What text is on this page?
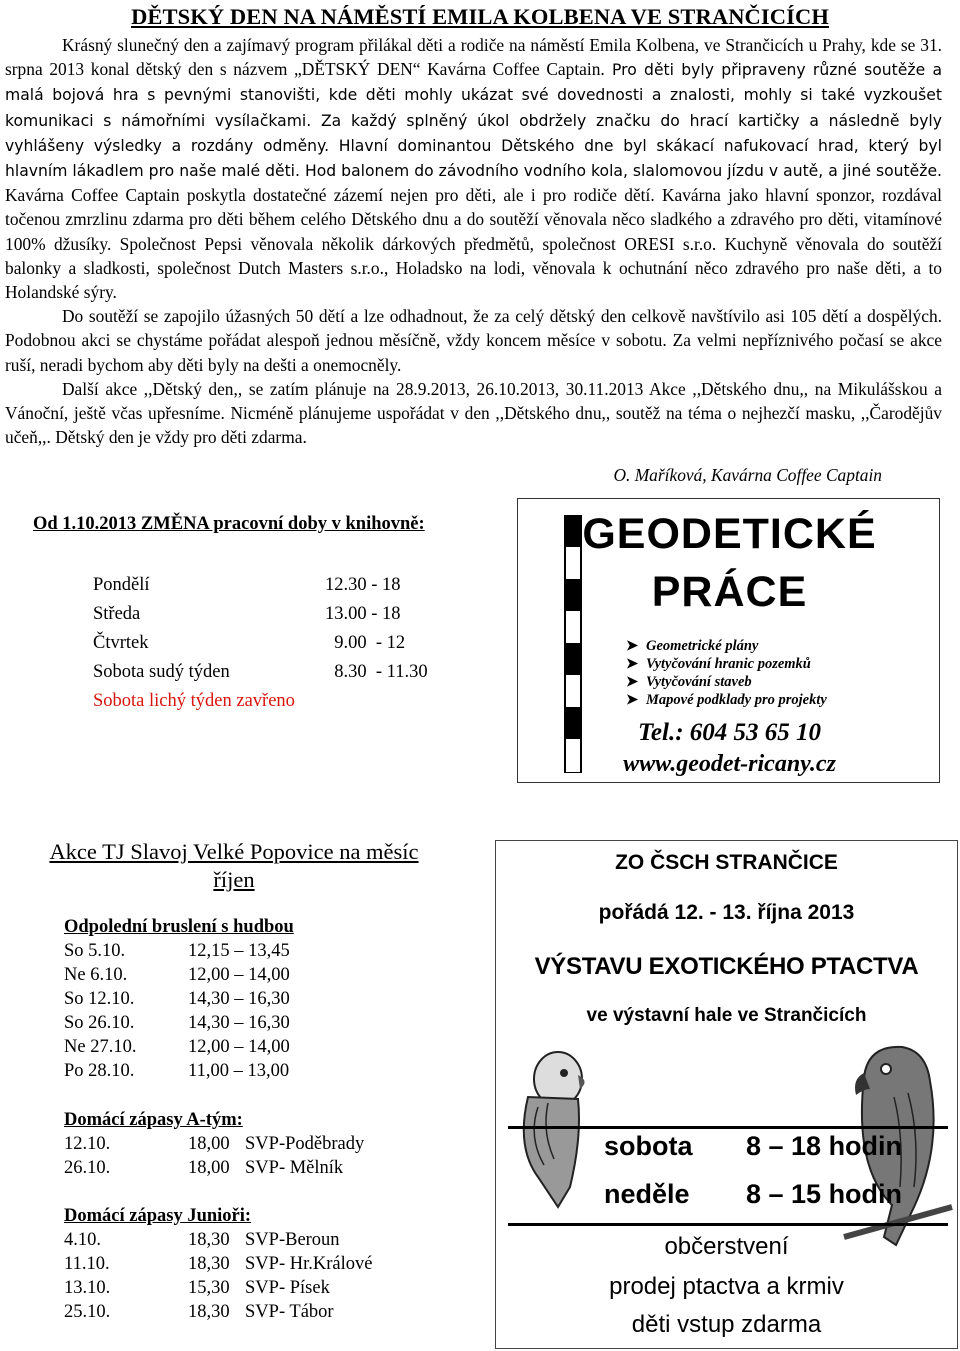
DĚTSKÝ DEN NA NÁMĚSTÍ EMILA KOLBENA VE STRANČICÍCH

Krásný slunečný den a zajímavý program přilákal děti a rodiče na náměstí Emila Kolbena, ve Strančicích u Prahy, kde se 31. srpna 2013 konal dětský den s názvem „DĚTSKÝ DEN“ Kavárna Coffee Captain. Pro děti byly připraveny různé soutěže a malá bojová hra s pevnými stanovišti, kde děti mohly ukázat své dovednosti a znalosti, mohly si také vyzkoušet komunikaci s námořními vysílačkami. Za každý splněný úkol obdržely značku do hrací kartičky a následně byly vyhlášeny výsledky a rozdány odměny. Hlavní dominantou Dětského dne byl skákací nafukovací hrad, který byl hlavním lákadlem pro naše malé děti. Hod balonem do závodního vodního kola, slalomovou jízdu v autě, a jiné soutěže. Kavárna Coffee Captain poskytla dostatečné zázemí nejen pro děti, ale i pro rodiče dětí. Kavárna jako hlavní sponzor, rozdával točenou zmrzlinu zdarma pro děti během celého Dětského dnu a do soutěží věnovala něco sladkého a zdravého pro děti, vitamínové 100% džusíky. Společnost Pepsi věnovala několik dárkových předmětů, společnost ORESI s.r.o. Kuchyně věnovala do soutěží balonky a sladkosti, společnost Dutch Masters s.r.o., Holadsko na lodi, věnovala k ochutnání něco zdravého pro naše děti, a to Holandské sýry.

Do soutěží se zapojilo úžasných 50 dětí a lze odhadnout, že za celý dětský den celkově navštívilo asi 105 dětí a dospělých. Podobnou akci se chystáme pořádat alespoň jednou měsíčně, vždy koncem měsíce v sobotu. Za velmi nepříznivého počasí se akce ruší, neradi bychom aby děti byly na dešti a onemocněly.

Další akce ,,Dětský den,, se zatím plánuje na 28.9.2013, 26.10.2013, 30.11.2013 Akce ,,Dětského dnu,, na Mikulášskou a Vánoční, ještě včas upřesníme. Nicméně plánujeme uspořádat v den ,,Dětského dnu,, soutěž na téma o nejhezčí masku, ,,Čarodějův učeň,,. Dětský den je vždy pro děti zdarma.

O. Maříková, Kavárna Coffee Captain
Od 1.10.2013 ZMĚNA pracovní doby v knihovně:
Pondělí	12.30 - 18
Středa	13.00 - 18
Čtvrtek	9.00  - 12
Sobota sudý týden	8.30  - 11.30
Sobota lichý týden zavřeno
GEODETICKÉ
PRÁCE
➤ Geometrické plány
➤ Vytyčování hranic pozemků
➤ Vytyčování staveb
➤ Mapové podklady pro projekty
Tel.: 604 53 65 10
www.geodet-ricany.cz
Akce TJ Slavoj Velké Popovice na měsíc
říjen
Odpolední bruslení s hudbou
So 5.10.	12,15 – 13,45
Ne 6.10.	12,00 – 14,00
So 12.10.	14,30 – 16,30
So 26.10.	14,30 – 16,30
Ne 27.10.	12,00 – 14,00
Po 28.10.	11,00 – 13,00
Domácí zápasy A-tým:
12.10.	18,00 SVP-Poděbrady
26.10.	18,00 SVP- Mělník
Domácí zápasy Junioři:
4.10.	18,30 SVP-Beroun
11.10.	18,30 SVP- Hr.Králové
13.10.	15,30 SVP- Písek
25.10.	18,30 SVP- Tábor
ZO ČSCH STRANČICE
pořádá 12. - 13. října 2013
VÝSTAVU EXOTICKÉHO PTACTVA
ve výstavní hale ve Strančicích
sobota 8 – 18 hodin
neděle 8 – 15 hodin
občerstvení
prodej ptactva a krmiv
děti vstup zdarma
